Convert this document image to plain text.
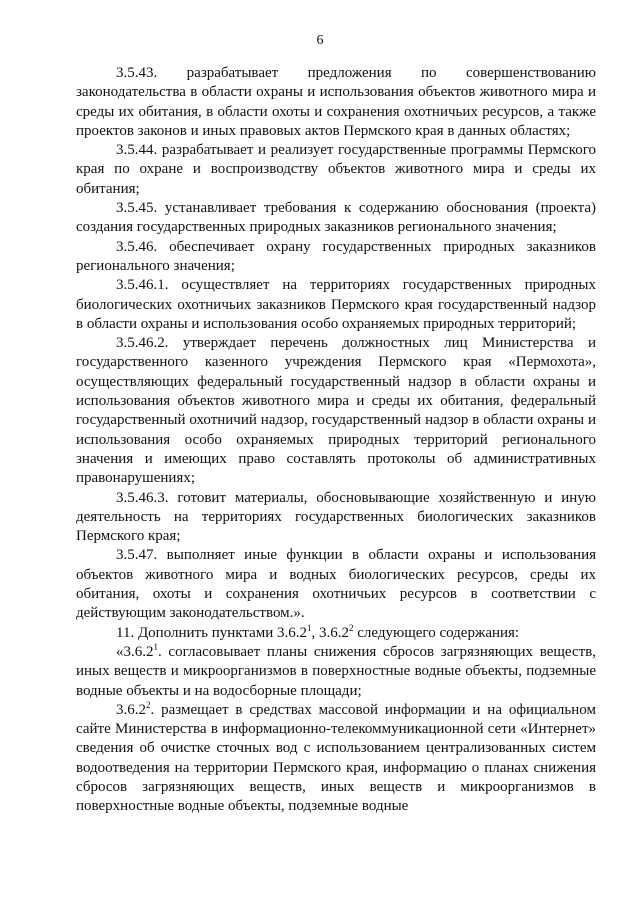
6

3.5.43. разрабатывает предложения по совершенствованию законодательства в области охраны и использования объектов животного мира и среды их обитания, в области охоты и сохранения охотничьих ресурсов, а также проектов законов и иных правовых актов Пермского края в данных областях;

3.5.44. разрабатывает и реализует государственные программы Пермского края по охране и воспроизводству объектов животного мира и среды их обитания;

3.5.45. устанавливает требования к содержанию обоснования (проекта) создания государственных природных заказников регионального значения;

3.5.46. обеспечивает охрану государственных природных заказников регионального значения;

3.5.46.1. осуществляет на территориях государственных природных биологических охотничьих заказников Пермского края государственный надзор в области охраны и использования особо охраняемых природных территорий;

3.5.46.2. утверждает перечень должностных лиц Министерства и государственного казенного учреждения Пермского края «Пермохота», осуществляющих федеральный государственный надзор в области охраны и использования объектов животного мира и среды их обитания, федеральный государственный охотничий надзор, государственный надзор в области охраны и использования особо охраняемых природных территорий регионального значения и имеющих право составлять протоколы об административных правонарушениях;

3.5.46.3. готовит материалы, обосновывающие хозяйственную и иную деятельность на территориях государственных биологических заказников Пермского края;

3.5.47. выполняет иные функции в области охраны и использования объектов животного мира и водных биологических ресурсов, среды их обитания, охоты и сохранения охотничьих ресурсов в соответствии с действующим законодательством.».

11. Дополнить пунктами 3.6.2$^1$, 3.6.2$^2$ следующего содержания:

«3.6.2$^1$. согласовывает планы снижения сбросов загрязняющих веществ, иных веществ и микроорганизмов в поверхностные водные объекты, подземные водные объекты и на водосборные площади;

3.6.2$^2$. размещает в средствах массовой информации и на официальном сайте Министерства в информационно-телекоммуникационной сети «Интернет» сведения об очистке сточных вод с использованием централизованных систем водоотведения на территории Пермского края, информацию о планах снижения сбросов загрязняющих веществ, иных веществ и микроорганизмов в поверхностные водные объекты, подземные водные
